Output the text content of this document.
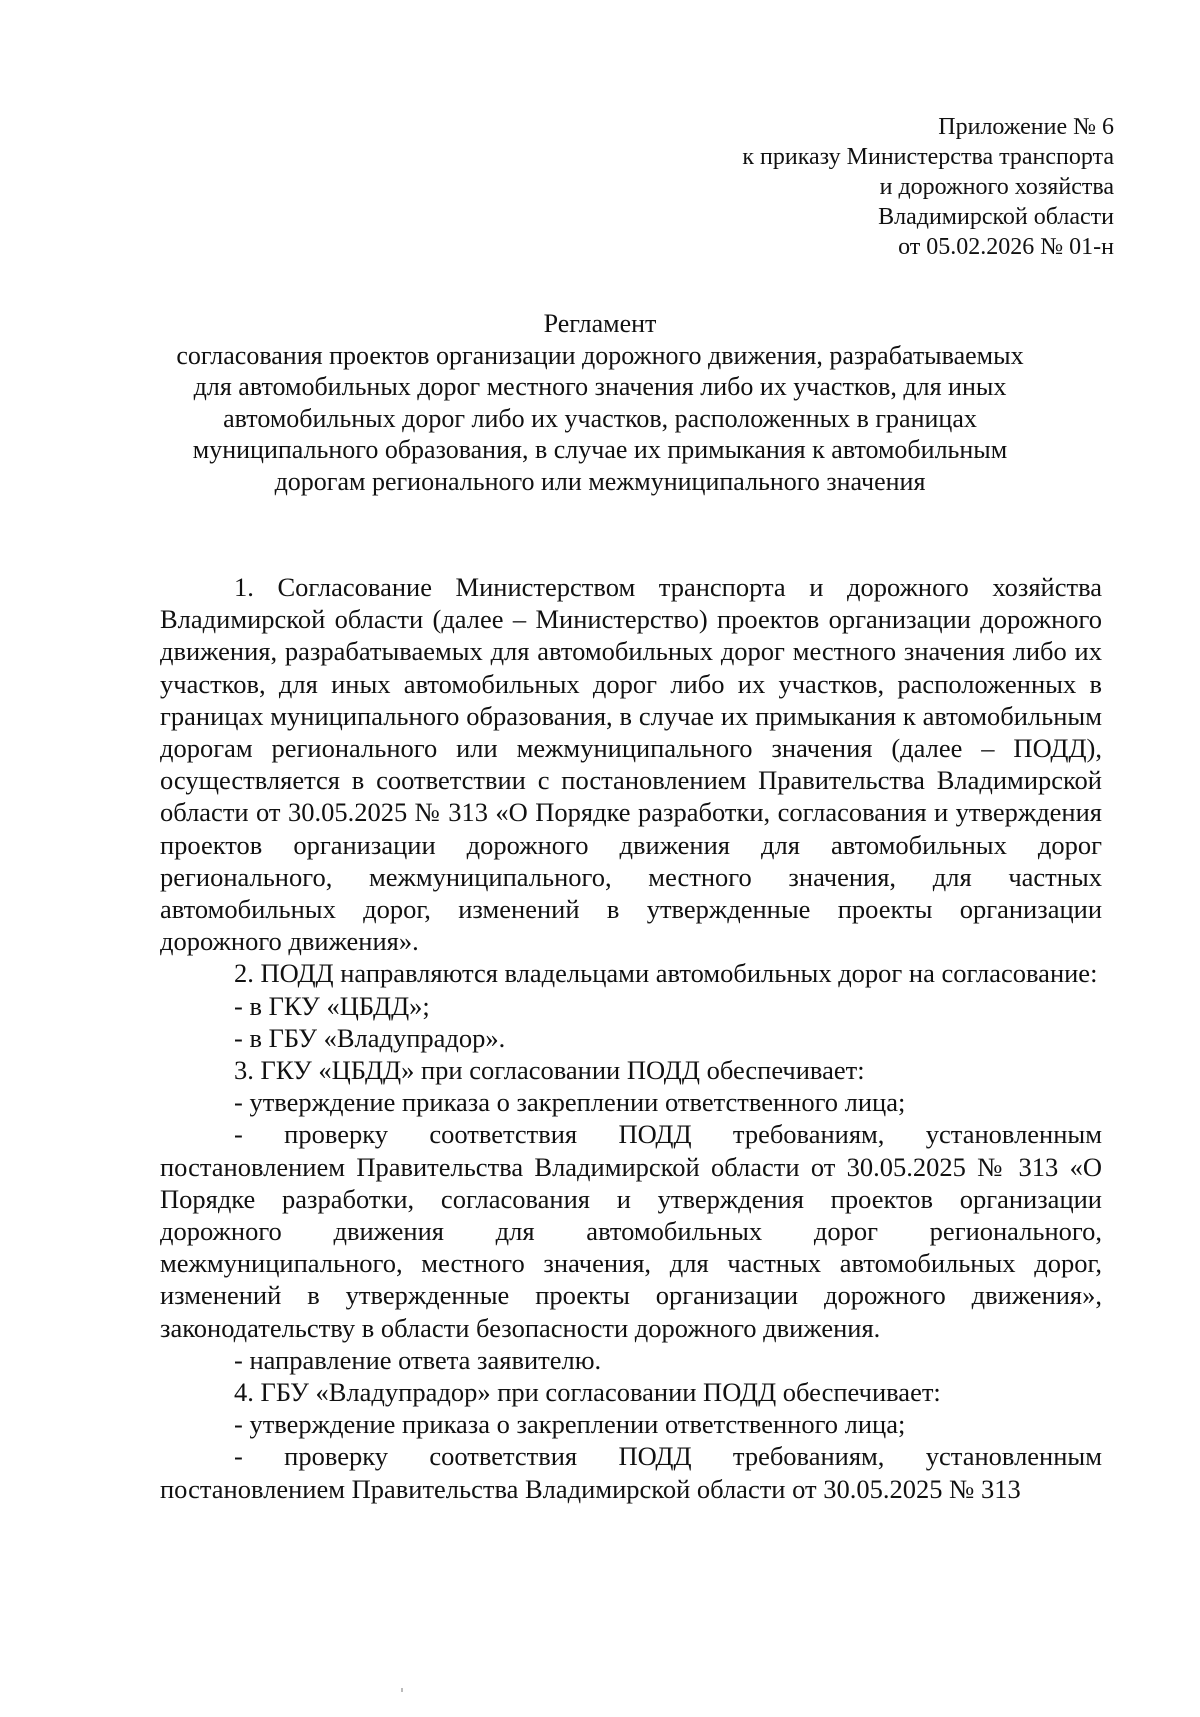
Приложение № 6
к приказу Министерства транспорта
и дорожного хозяйства
Владимирской области
от 05.02.2026 № 01-н
Регламент
согласования проектов организации дорожного движения, разрабатываемых
для автомобильных дорог местного значения либо их участков, для иных
автомобильных дорог либо их участков, расположенных в границах
муниципального образования, в случае их примыкания к автомобильным
дорогам регионального или межмуниципального значения

1. Согласование Министерством транспорта и дорожного хозяйства Владимирской области (далее – Министерство) проектов организации дорожного движения, разрабатываемых для автомобильных дорог местного значения либо их участков, для иных автомобильных дорог либо их участков, расположенных в границах муниципального образования, в случае их примыкания к автомобильным дорогам регионального или межмуниципального значения (далее – ПОДД), осуществляется в соответствии с постановлением Правительства Владимирской области от 30.05.2025 № 313 «О Порядке разработки, согласования и утверждения проектов организации дорожного движения для автомобильных дорог регионального, межмуниципального, местного значения, для частных автомобильных дорог, изменений в утвержденные проекты организации дорожного движения».

2. ПОДД направляются владельцами автомобильных дорог на согласование:

- в ГКУ «ЦБДД»;

- в ГБУ «Владупрадор».

3. ГКУ «ЦБДД» при согласовании ПОДД обеспечивает:

- утверждение приказа о закреплении ответственного лица;

- проверку соответствия ПОДД требованиям, установленным постановлением Правительства Владимирской области от 30.05.2025 № 313 «О Порядке разработки, согласования и утверждения проектов организации дорожного движения для автомобильных дорог регионального, межмуниципального, местного значения, для частных автомобильных дорог, изменений в утвержденные проекты организации дорожного движения», законодательству в области безопасности дорожного движения.

- направление ответа заявителю.

4. ГБУ «Владупрадор» при согласовании ПОДД обеспечивает:

- утверждение приказа о закреплении ответственного лица;

- проверку соответствия ПОДД требованиям, установленным постановлением Правительства Владимирской области от 30.05.2025 № 313
